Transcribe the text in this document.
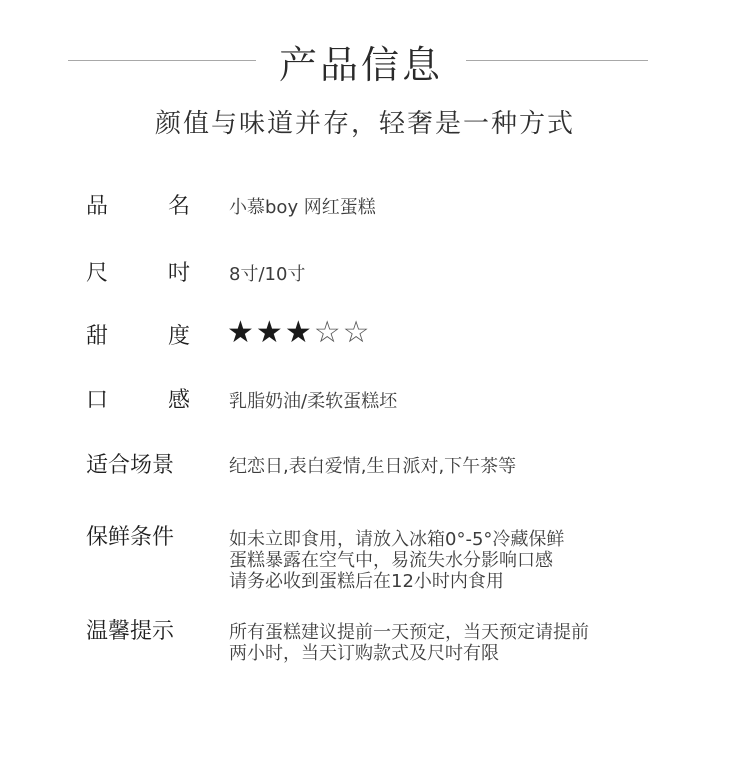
产品信息
颜值与味道并存，轻奢是一种方式
品	名 小慕boy 网红蛋糕
尺	吋 8寸/10寸
甜	度 ★★★☆☆
口	感 乳脂奶油/柔软蛋糕坯
适合场景	纪恋日,表白爱情,生日派对,下午茶等
保鲜条件	如未立即食用，请放入冰箱0°-5°冷藏保鲜
蛋糕暴露在空气中，易流失水分影响口感
请务必收到蛋糕后在12小时内食用
温馨提示	所有蛋糕建议提前一天预定，当天预定请提前
两小时，当天订购款式及尺吋有限
